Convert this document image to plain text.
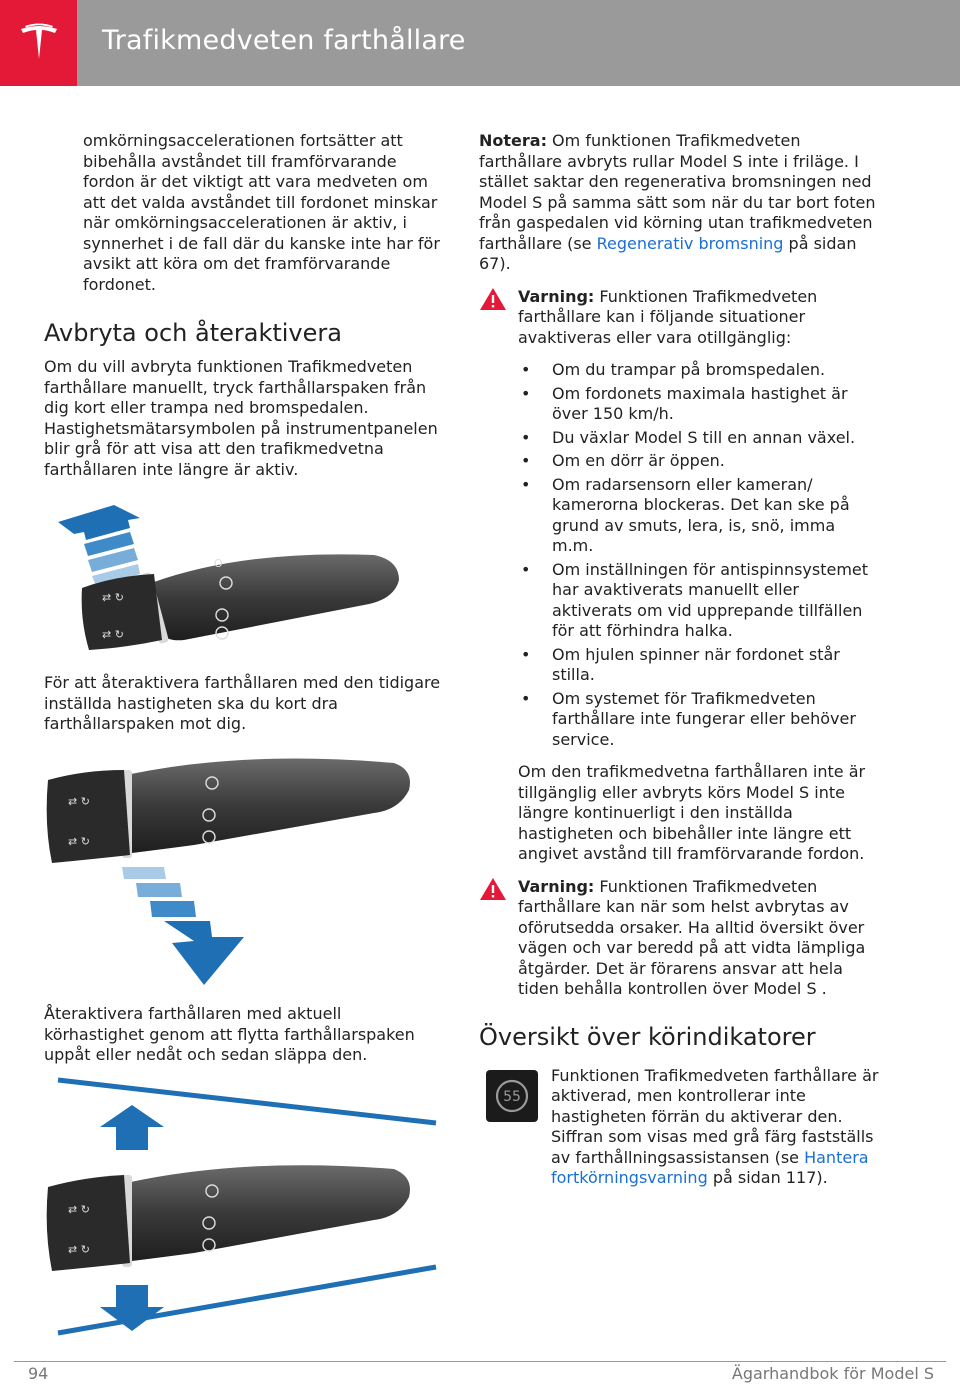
Trafikmedveten farthållare

omkörningsaccelerationen fortsätter att bibehålla avståndet till framförvarande fordon är det viktigt att vara medveten om att det valda avståndet till fordonet minskar när omkörningsaccelerationen är aktiv, i synnerhet i de fall där du kanske inte har för avsikt att köra om det framförvarande fordonet.

Avbryta och återaktivera

Om du vill avbryta funktionen Trafikmedveten farthållare manuellt, tryck farthållarspaken från dig kort eller trampa ned bromspedalen. Hastighetsmätarsymbolen på instrumentpanelen blir grå för att visa att den trafikmedvetna farthållaren inte längre är aktiv.

⇄ ↻
⇄ ↻
O

För att återaktivera farthållaren med den tidigare inställda hastigheten ska du kort dra farthållarspaken mot dig.

⇄ ↻
⇄ ↻

Återaktivera farthållaren med aktuell körhastighet genom att flytta farthållarspaken uppåt eller nedåt och sedan släppa den.

⇄ ↻
⇄ ↻

Notera: Om funktionen Trafikmedveten farthållare avbryts rullar Model S inte i friläge. I stället saktar den regenerativa bromsningen ned Model S på samma sätt som när du tar bort foten från gaspedalen vid körning utan trafikmedveten farthållare (se Regenerativ bromsning på sidan 67).

Varning: Funktionen Trafikmedveten farthållare kan i följande situationer avaktiveras eller vara otillgänglig:
• Om du trampar på bromspedalen.
• Om fordonets maximala hastighet är över 150 km/h.
• Du växlar Model S till en annan växel.
• Om en dörr är öppen.
• Om radarsensorn eller kameran/ kamerorna blockeras. Det kan ske på grund av smuts, lera, is, snö, imma m.m.
• Om inställningen för antispinnsystemet har avaktiverats manuellt eller aktiverats om vid upprepande tillfällen för att förhindra halka.
• Om hjulen spinner när fordonet står stilla.
• Om systemet för Trafikmedveten farthållare inte fungerar eller behöver service.

Om den trafikmedvetna farthållaren inte är tillgänglig eller avbryts körs Model S inte längre kontinuerligt i den inställda hastigheten och bibehåller inte längre ett angivet avstånd till framförvarande fordon.

Varning: Funktionen Trafikmedveten farthållare kan när som helst avbrytas av oförutsedda orsaker. Ha alltid översikt över vägen och var beredd på att vidta lämpliga åtgärder. Det är förarens ansvar att hela tiden behålla kontrollen över Model S .
Översikt över körindikatorer
55

Funktionen Trafikmedveten farthållare är aktiverad, men kontrollerar inte hastigheten förrän du aktiverar den. Siffran som visas med grå färg fastställs av farthållningsassistansen (se Hantera fortkörningsvarning på sidan 117).

94	Ägarhandbok för Model S
